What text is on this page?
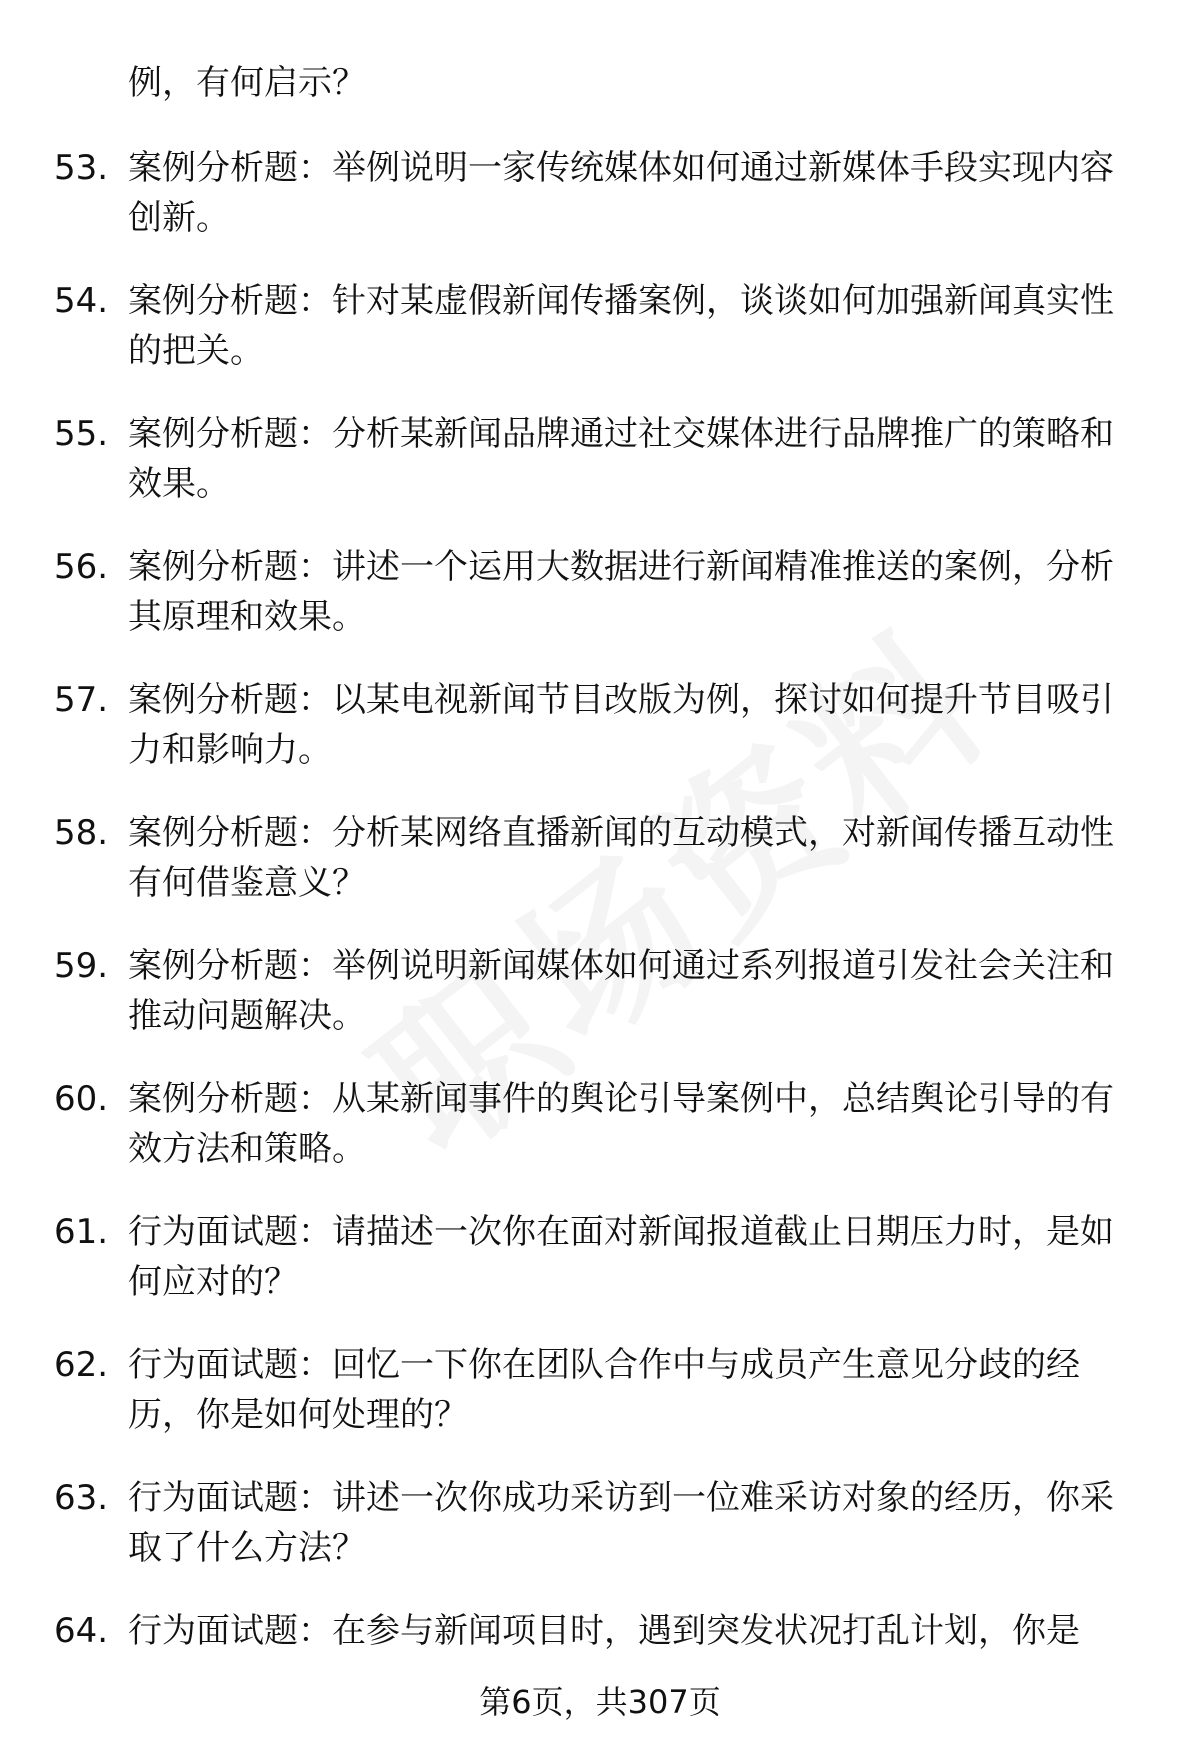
例，有何启示？
53. 案例分析题：举例说明一家传统媒体如何通过新媒体手段实现内容创新。
54. 案例分析题：针对某虚假新闻传播案例，谈谈如何加强新闻真实性的把关。
55. 案例分析题：分析某新闻品牌通过社交媒体进行品牌推广的策略和效果。
56. 案例分析题：讲述一个运用大数据进行新闻精准推送的案例，分析其原理和效果。
57. 案例分析题：以某电视新闻节目改版为例，探讨如何提升节目吸引力和影响力。
58. 案例分析题：分析某网络直播新闻的互动模式，对新闻传播互动性有何借鉴意义？
59. 案例分析题：举例说明新闻媒体如何通过系列报道引发社会关注和推动问题解决。
60. 案例分析题：从某新闻事件的舆论引导案例中，总结舆论引导的有效方法和策略。
61. 行为面试题：请描述一次你在面对新闻报道截止日期压力时，是如何应对的？
62. 行为面试题：回忆一下你在团队合作中与成员产生意见分歧的经历，你是如何处理的？
63. 行为面试题：讲述一次你成功采访到一位难采访对象的经历，你采取了什么方法？
64. 行为面试题：在参与新闻项目时，遇到突发状况打乱计划，你是
第6页，共307页
